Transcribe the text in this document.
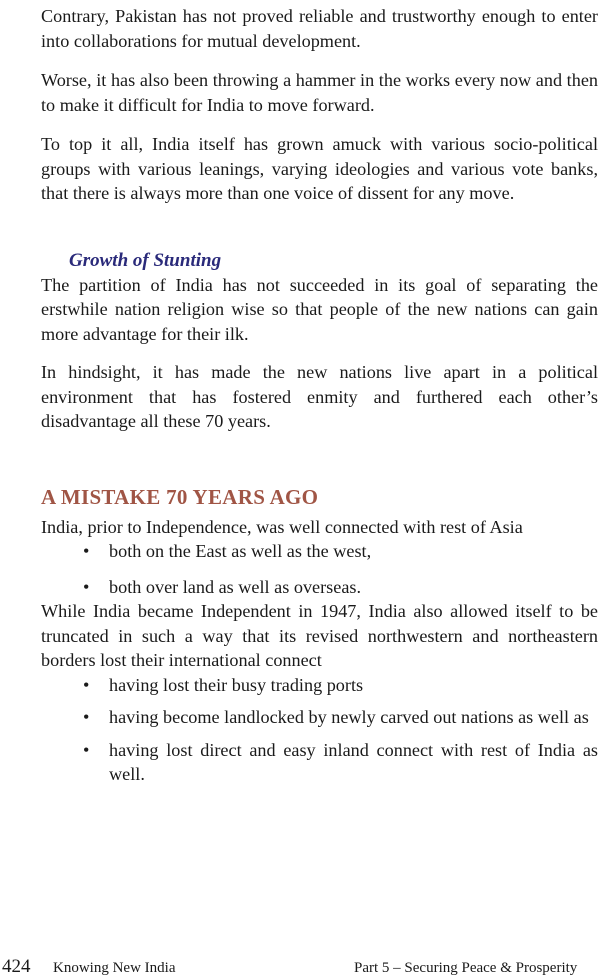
Contrary, Pakistan has not proved reliable and trustworthy enough to enter into collaborations for mutual development.

Worse, it has also been throwing a hammer in the works every now and then to make it difficult for India to move forward.

To top it all, India itself has grown amuck with various socio-political groups with various leanings, varying ideologies and various vote banks, that there is always more than one voice of dissent for any move.

Growth of Stunting

The partition of India has not succeeded in its goal of separating the erstwhile nation religion wise so that people of the new nations can gain more advantage for their ilk.

In hindsight, it has made the new nations live apart in a political environment that has fostered enmity and furthered each other’s disadvantage all these 70 years.

A MISTAKE 70 YEARS AGO

India, prior to Independence, was well connected with rest of Asia

• both on the East as well as the west,
• both over land as well as overseas.

While India became Independent in 1947, India also allowed itself to be truncated in such a way that its revised northwestern and northeastern borders lost their international connect

• having lost their busy trading ports
• having become landlocked by newly carved out nations as well as
• having lost direct and easy inland connect with rest of India as well.
424 Knowing New India	Part 5 – Securing Peace & Prosperity
